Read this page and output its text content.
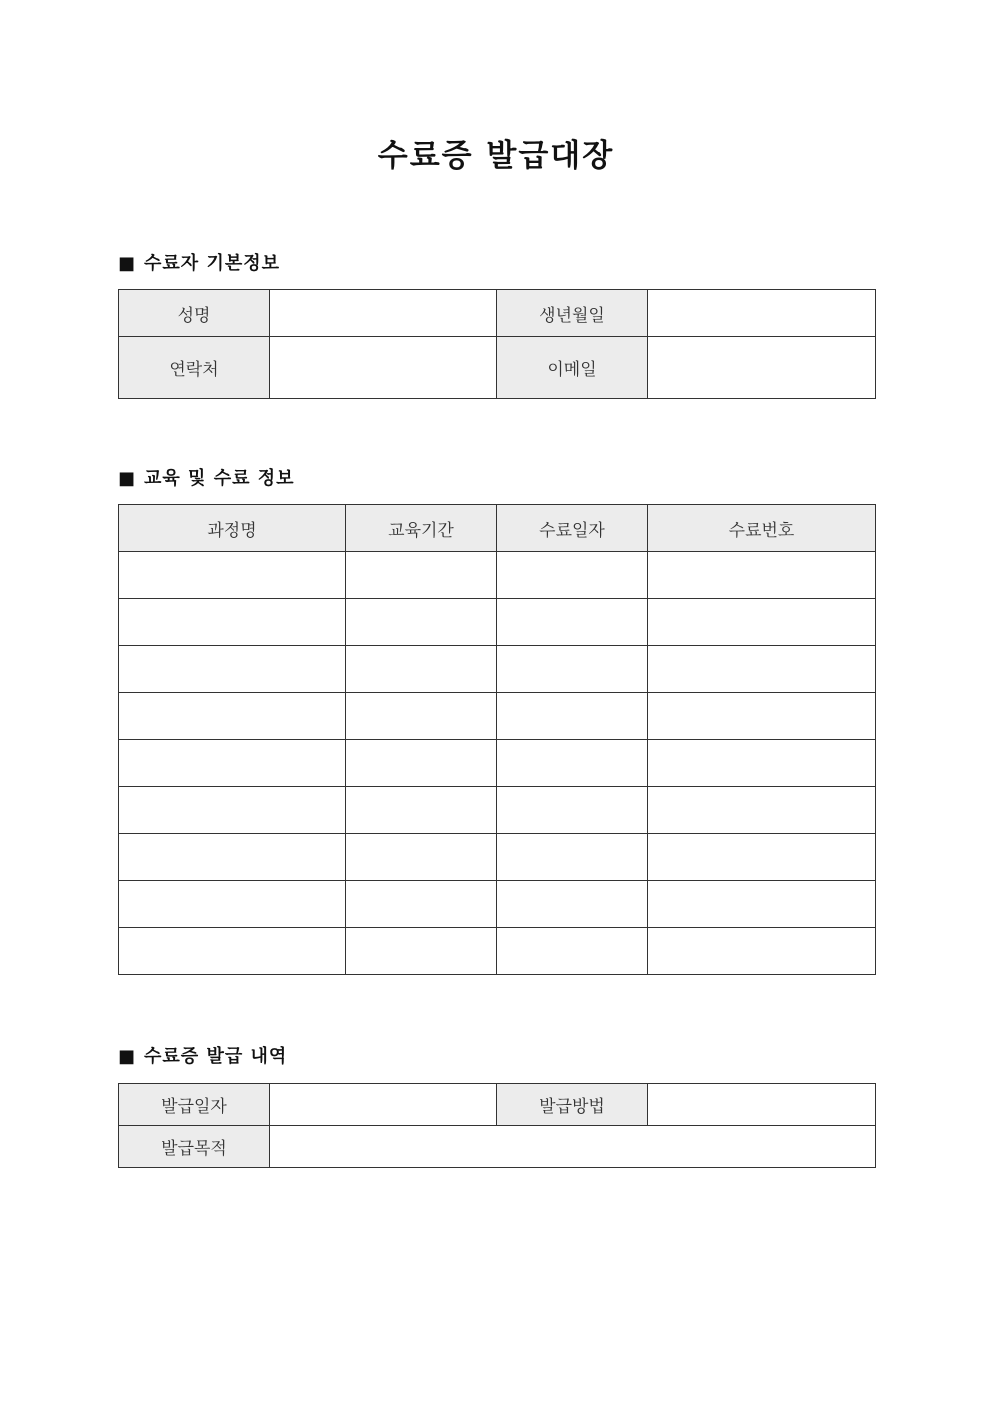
수료증 발급대장
■ 수료자 기본정보
성명		생년월일	
연락처		이메일	
■ 교육 및 수료 정보
과정명	교육기간	수료일자	수료번호

■ 수료증 발급 내역
발급일자		발급방법	
발급목적			
